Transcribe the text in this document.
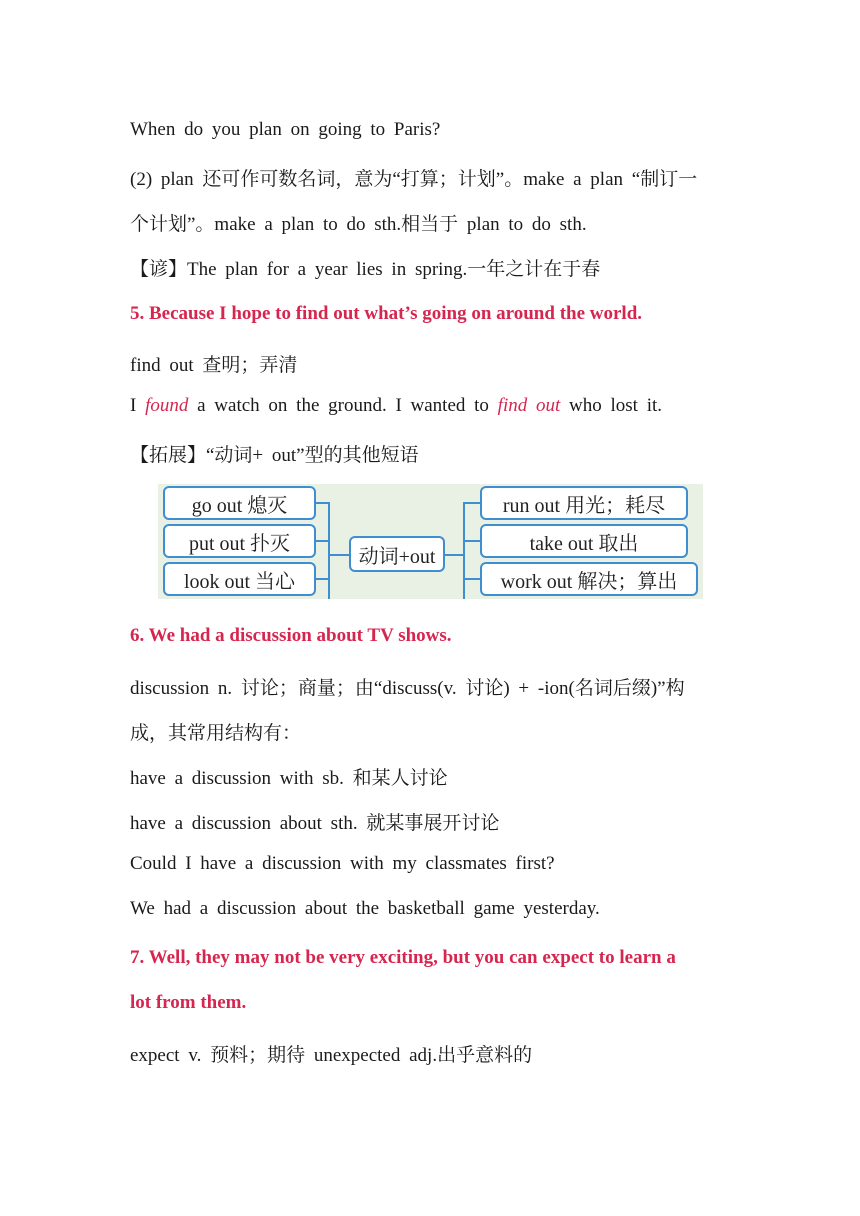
When do you plan on going to Paris?
(2) plan 还可作可数名词，意为“打算；计划”。make a plan “制订一
个计划”。make a plan to do sth.相当于 plan to do sth.
【谚】The plan for a year lies in spring.一年之计在于春
5. Because I hope to find out what’s going on around the world.
find out 查明；弄清
I found a watch on the ground. I wanted to find out who lost it.
【拓展】“动词+ out”型的其他短语
go out 熄灭
put out 扑灭
look out 当心
动词+out
run out 用光；耗尽
take out 取出
work out 解决；算出
6. We had a discussion about TV shows.
discussion n. 讨论；商量；由“discuss(v. 讨论) + -ion(名词后缀)”构
成，其常用结构有：
have a discussion with sb. 和某人讨论
have a discussion about sth. 就某事展开讨论
Could I have a discussion with my classmates first?
We had a discussion about the basketball game yesterday.
7. Well, they may not be very exciting, but you can expect to learn a
lot from them.
expect v. 预料；期待 unexpected adj.出乎意料的
